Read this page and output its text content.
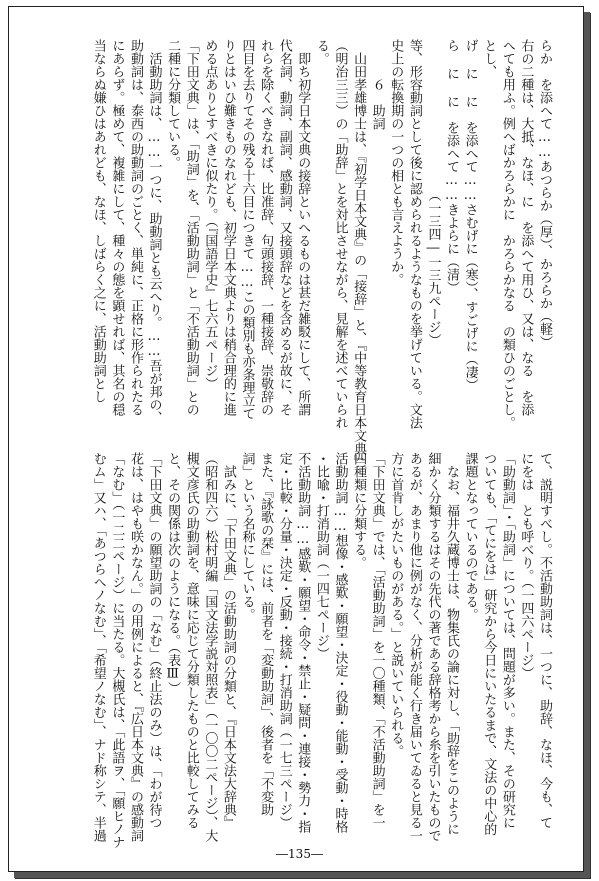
らか　を添へて……あつらか（厚）、かろらか（軽）
右の二種は、大抵、なほ、に　を添へて用ひ、又は、なる　を添
へても用ふ。例へばかろらかに　かろらかなる　の類ひのごとし。
とし、
げ に に　を添へて……さむげに（寒）、すごげに（凄）
ら に に　を添へて……きよらに（清）
　　　　　　　　　　　　（一三四―一三九ページ）
等、形容動詞として後に認められるようなものを挙げている。文法
史上の転換期の一つの相とも言えようか。
　　　６　助詞
　山田孝雄博士は、『初学日本文典』の「接辞」と、『中等教育日本文典』
（明治三三）の「助辞」とを対比させながら、見解を述べていられ
る。
　即ち初学日本文典の接辞といへるものは甚だ雑駁にして、所謂
代名詞、動詞、副詞、感動詞、又接頭辞などを含めるが故に、そ
れらを除くべきなれば、比准辞、句頭接辞、一種接辞、崇敬辞の
四目を去りてその残る十六目につきて……この類別も亦条理立て
りとはいひ難きものなれども、初学日本文典よりは稍合理的に進
める点ありとすべきに似たり。（『国語学史』七六五ページ）
「下田文典」は、「助詞」を、「活動助詞」と「不活動助詞」との
二種に分類している。
　活動助詞は、……一つに、助動詞とも云へり。……吾が邦の、
助動詞は、泰西の助動詞のごとく、単純に、正格に形作られたる
にあらず。極めて、複雑にして、種々の態を顕せれば、其名の穏
当ならぬ嫌ひはあれども、なほ、しばらく之に、活動助詞とし
て、説明すべし。不活動助詞は、一つに、助辞、なほ、今も、て
にをは　とも呼べり。（一四六ページ）
「助動詞」・「助詞」については、問題が多い。また、その研究に
ついても、「てにをは」研究から今日にいたるまで、文法の中心的
課題となっているのである。
　なお、福井久蔵博士は、物集氏の論に対し、「助辞をこのように
細かく分類するはその先代の著である辞格考から糸を引いたもので
あるが、あまり他に例がなく、分析が能く行き届いてゐると見る一
方に首肯しがたいものがある。」と説いていられる。
「下田文典」では、「活動助詞」を一〇種類、「不活動助詞」を一
四種類に分類する。
活動助詞……想像・感歎・願望・決定・役動・能動・受動・時格
・比喩・打消助詞（一四七ページ）
不活動助詞……感歎・願望・命令・禁止・疑問・連接・勢力・指
定・比較・分量・決定・反動・接続・打消助詞（一七三ページ）
また、『詠歌の栞』には、前者を「変動助詞」、後者を「不変助
詞」という名称にしている。
　試みに、「下田文典」の活動助詞の分類と、『日本文法大辞典』
（昭和四六）松村明編「国文法学説対照表」（一〇〇二ページ）、大
槻文彦氏の助動詞を、意味に応じて分類したものと比較してみる
と、その関係は次のようになる。（表Ⅲ）
「下田文典」の願望助詞の「なむ」（終止法のみ）は、「わが待つ
花は、はやも咲かなん。」の用例によると、『広日本文典』の感動詞
「なむ」（一二二ページ）に当たる。大槻氏は、「此語ヲ、「願ヒノナ
むム」又ハ、「あつらへノなむ」、「希望ノなむ」、ナド称シテ、半過
―135―
